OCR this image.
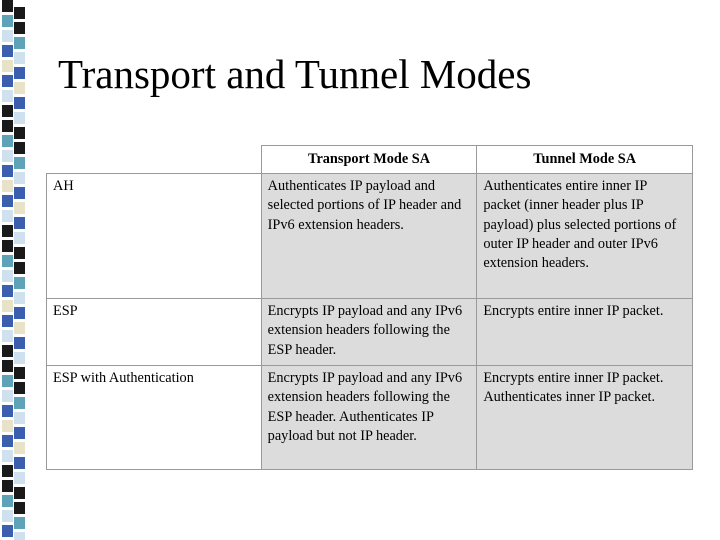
Transport and Tunnel Modes
	Transport Mode SA	Tunnel Mode SA
AH	Authenticates IP payload and selected portions of IP header and IPv6 extension headers.	Authenticates entire inner IP packet (inner header plus IP payload) plus selected portions of outer IP header and outer IPv6 extension headers.
ESP	Encrypts IP payload and any IPv6 extension headers following the ESP header.	Encrypts entire inner IP packet.
ESP with Authentication	Encrypts IP payload and any IPv6 extension headers following the ESP header. Authenticates IP payload but not IP header.	Encrypts entire inner IP packet. Authenticates inner IP packet.
